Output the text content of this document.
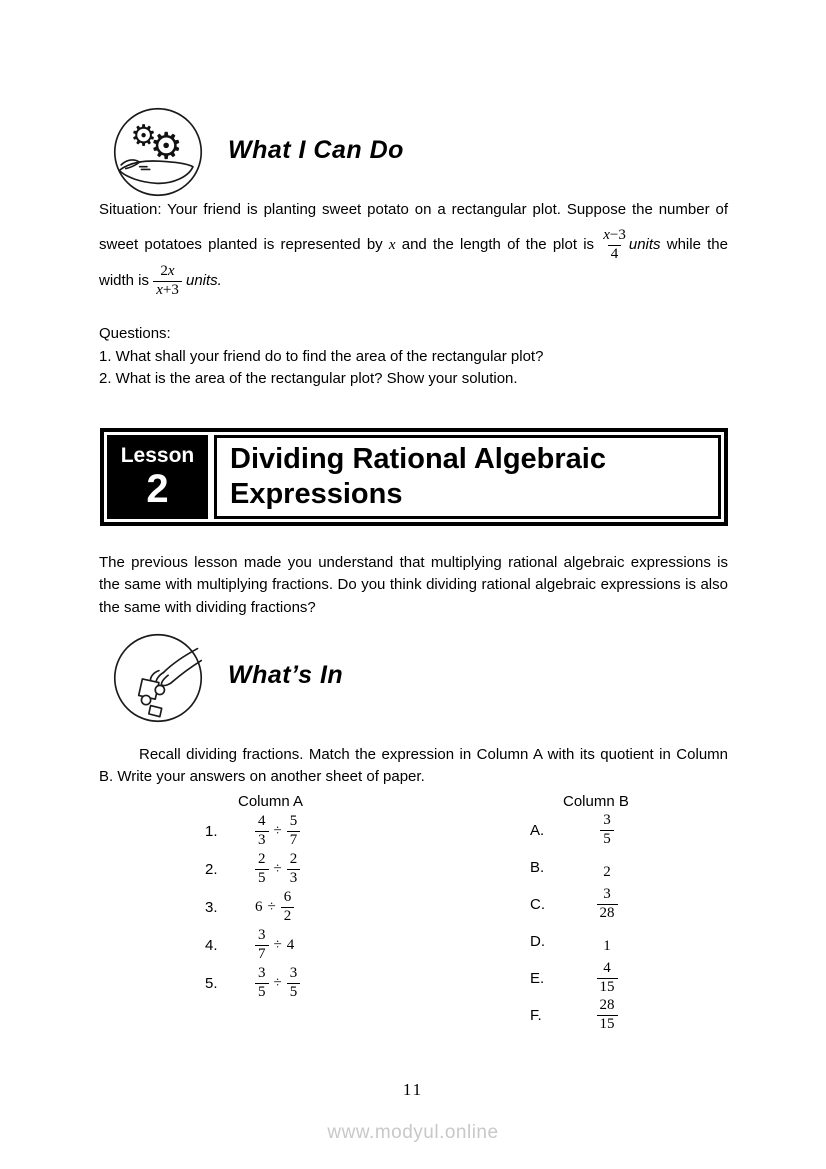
⚙
⚙ What I Can Do

Situation: Your friend is planting sweet potato on a rectangular plot. Suppose the number of sweet potatoes planted is represented by x and the length of the plot is $\frac{x-3}{4}$ units while the width is $\frac{2x}{x+3}$ units.

Questions:
1. What shall your friend do to find the area of the rectangular plot?
2. What is the area of the rectangular plot? Show your solution.
Lesson
2
Dividing Rational Algebraic
Expressions

The previous lesson made you understand that multiplying rational algebraic expressions is the same with multiplying fractions. Do you think dividing rational algebraic expressions is also the same with dividing fractions?

What’s In

Recall dividing fractions. Match the expression in Column A with its quotient in Column B. Write your answers on another sheet of paper.

Column A	Column B
1.	$\frac{4}{3} \div \frac{5}{7}$
2.	$\frac{2}{5} \div \frac{2}{3}$
3.	$6 \div \frac{6}{2}$
4.	$\frac{3}{7} \div 4$
5.	$\frac{3}{5} \div \frac{3}{5}$
A.	$\frac{3}{5}$
B.	2
C.	$\frac{3}{28}$
D.	1
E.	$\frac{4}{15}$
F.	$\frac{28}{15}$
11
www.modyul.online
